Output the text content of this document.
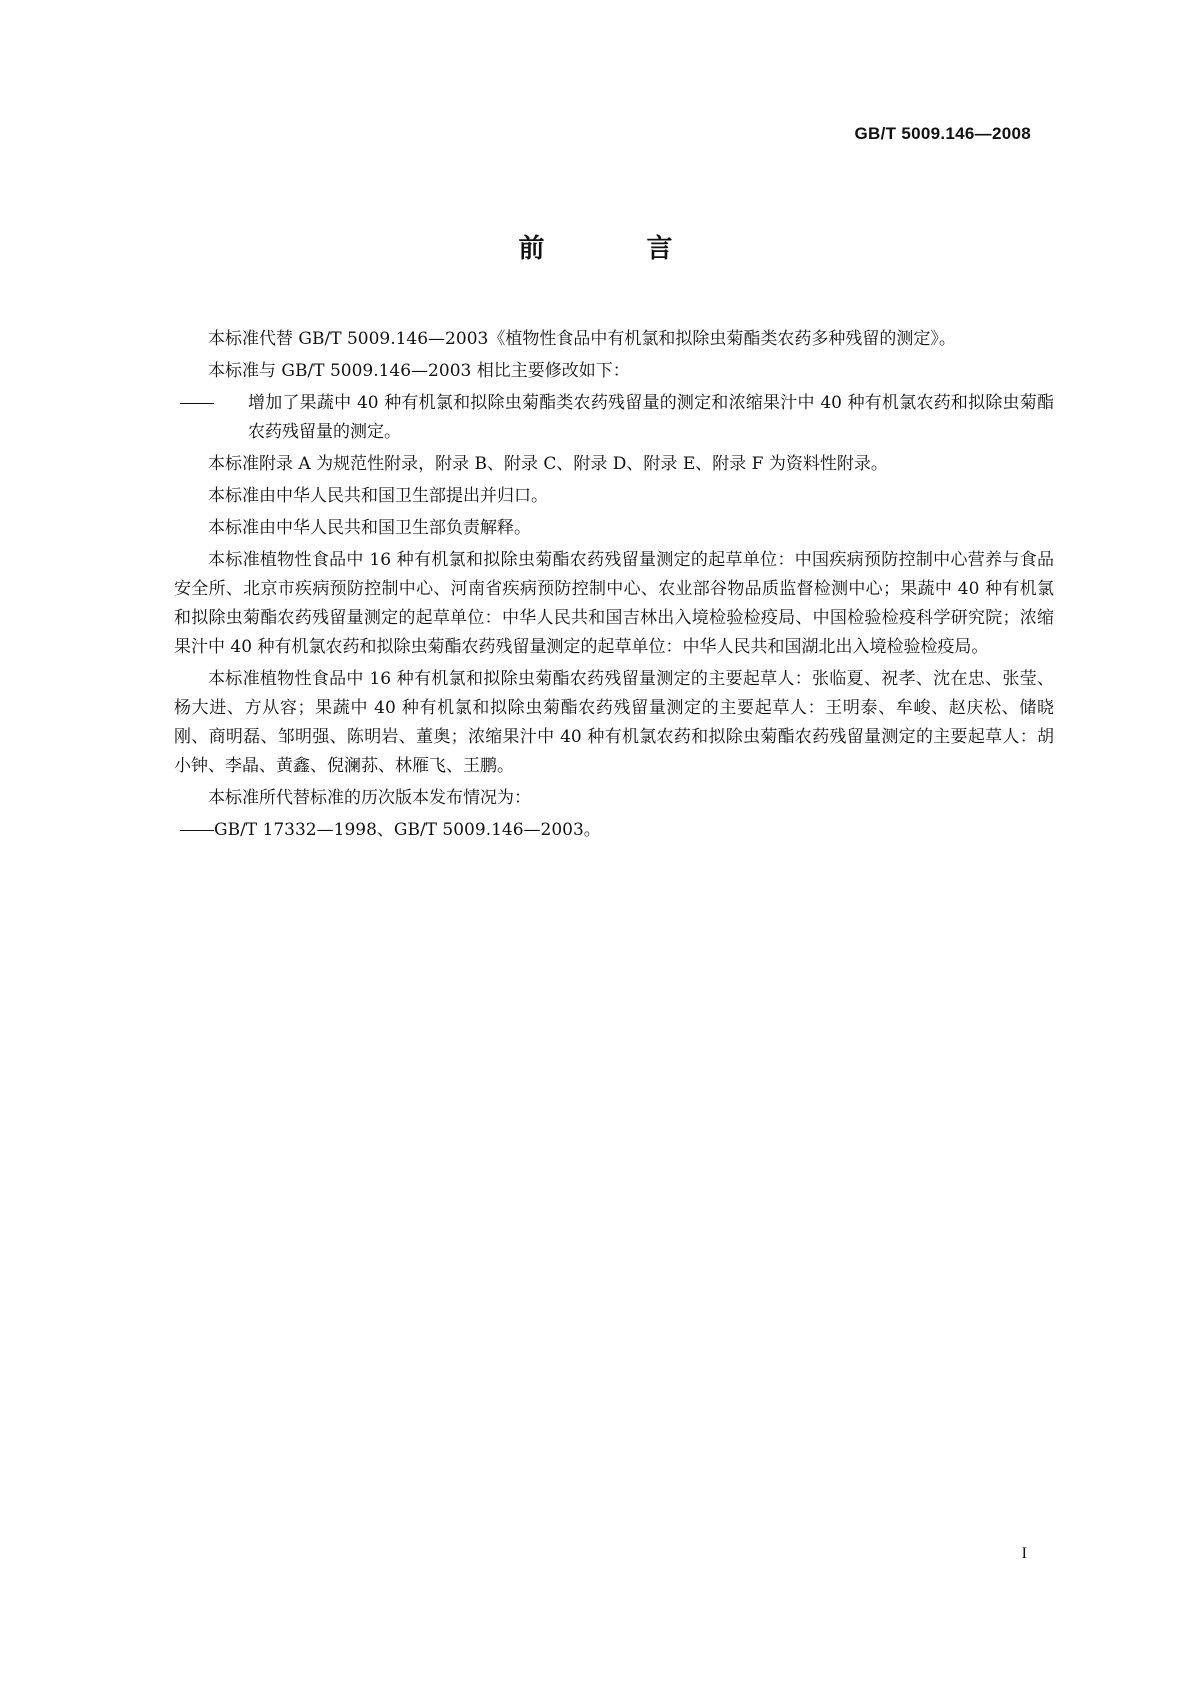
GB/T 5009.146—2008
前　言

本标准代替 GB/T 5009.146—2003《植物性食品中有机氯和拟除虫菊酯类农药多种残留的测定》。

本标准与 GB/T 5009.146—2003 相比主要修改如下：

增加了果蔬中 40 种有机氯和拟除虫菊酯类农药残留量的测定和浓缩果汁中 40 种有机氯农药和拟除虫菊酯农药残留量的测定。

本标准附录 A 为规范性附录，附录 B、附录 C、附录 D、附录 E、附录 F 为资料性附录。

本标准由中华人民共和国卫生部提出并归口。

本标准由中华人民共和国卫生部负责解释。

本标准植物性食品中 16 种有机氯和拟除虫菊酯农药残留量测定的起草单位：中国疾病预防控制中心营养与食品安全所、北京市疾病预防控制中心、河南省疾病预防控制中心、农业部谷物品质监督检测中心；果蔬中 40 种有机氯和拟除虫菊酯农药残留量测定的起草单位：中华人民共和国吉林出入境检验检疫局、中国检验检疫科学研究院；浓缩果汁中 40 种有机氯农药和拟除虫菊酯农药残留量测定的起草单位：中华人民共和国湖北出入境检验检疫局。

本标准植物性食品中 16 种有机氯和拟除虫菊酯农药残留量测定的主要起草人：张临夏、祝孝、沈在忠、张莹、杨大进、方从容；果蔬中 40 种有机氯和拟除虫菊酯农药残留量测定的主要起草人：王明泰、牟峻、赵庆松、储晓刚、商明磊、邹明强、陈明岩、董奥；浓缩果汁中 40 种有机氯农药和拟除虫菊酯农药残留量测定的主要起草人：胡小钟、李晶、黄鑫、倪澜荪、林雁飞、王鹏。

本标准所代替标准的历次版本发布情况为：

GB/T 17332—1998、GB/T 5009.146—2003。
I
